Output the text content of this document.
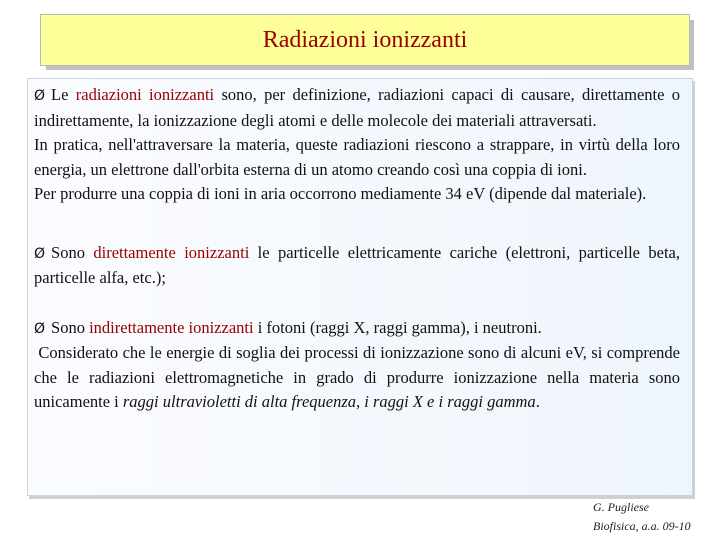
Radiazioni ionizzanti

Ø Le radiazioni ionizzanti sono, per definizione, radiazioni capaci di causare, direttamente o indirettamente, la ionizzazione degli atomi e delle molecole dei materiali attraversati.

In pratica, nell'attraversare la materia, queste radiazioni riescono a strappare, in virtù della loro energia, un elettrone dall'orbita esterna di un atomo creando così una coppia di ioni.

Per produrre una coppia di ioni in aria occorrono mediamente 34 eV (dipende dal materiale).

Ø Sono direttamente ionizzanti le particelle elettricamente cariche (elettroni, particelle beta, particelle alfa, etc.);

Ø Sono indirettamente ionizzanti i fotoni (raggi X, raggi gamma), i neutroni.

Considerato che le energie di soglia dei processi di ionizzazione sono di alcuni eV, si comprende che le radiazioni elettromagnetiche in grado di produrre ionizzazione nella materia sono unicamente i raggi ultravioletti di alta frequenza, i raggi X e i raggi gamma.

G. Pugliese
Biofisica, a.a. 09-10
